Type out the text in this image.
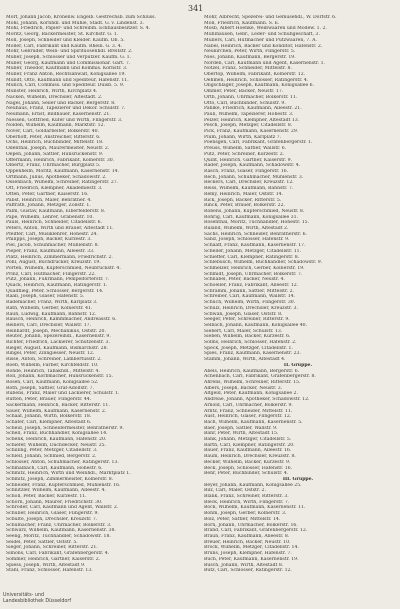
341
Morf, Johann Jacob, Kronenw. Engelb. Gestrechsb. zum Schlüss.
Mohl, Johann, Kornhdl. und Mühle, Stadt. G. v. Lindenst. 3.
Mohl, Friedrich, Papier- und Schreibm. Eckhausbesitzer. S. 4.
Moritz, Georg, Bäckermeister, St. Kirchstr. G. 1.
Moll, Joseph, Schneider und Kleider. Kaufm. Ob. 5.
Möller, Carl, Fabrikant und Kaufm. Rhein. G. 3. 4.
Mohr, Gebrüder, Wein- und Spirituosenhdl. Breitstr. 2.
Müller, Joseph, Schlosser und Verputzer. Kaufm. G. 1.
Müller, Georg, Kaufmann und Commissionär. Gart. 7.
Müller, Theodor, Kaufmann und Kommis. Kornstr. 3.
Müller, Franz Anton, Rechtsanwalt, Königsallee 19.
Mundt, Otto, Kaufmann und Spediteur, Hafenstr. 11.
Münch, Carl, Commiss. und Spediteur. Duisb. 5. 9.
Münster, Heinrich, Wirth, Kirchplatz 4.
Nacken, Wilhelm, Drechsler, Altestadt. 2.
Nagel, Johann, Seiler und Bäcker, Bergerstr. 8.
Neuhaus, Franz, Tapezierer und Dekor. Schulstr. 7.
Neumann, Ernst, Bildhauer, Kasernenstr. 21.
Niessen, Gottfried, Küfer und Wirth, Flingerstr. 3.
Nolden, Wilhelm, Kaufmann, Marktstr. 12.
Nover, Carl, Goldarbeiter, Bolkerstr. 40.
Oberhoff, Peter, Anstreicher, Ritterstr. 6.
Ochs, Heinrich, Buchbinder, Mittelstr. 18.
Odenthal, Joseph, Maurermeister, Neustr. 2.
Oepen, Johann, Sattler, Hunsrückenstr. 9.
Offermann, Heinrich, Fabrikant, Kölnerstr. 30.
Olbertz, Franz, Uhrmacher, Burgplatz 5.
Oppenheim, Moritz, Kaufmann, Kasernenstr. 14.
Ortmann, Julius, Apotheker, Schadowstr. 2.
Ossenbach, Wilhelm, Schreiner, Ratingerstr. 27.
Ott, Friedrich, Klempner, Akademiestr. 3.
Otten, Peter, Gärtner, Kaiserstr. 16.
Pabst, Heinrich, Maler, Benrather. 4.
Paffrath, Johann, Metzger, Zollstr. 1.
Palm, Gustav, Kaufmann, Elberfelderstr. 8.
Pape, Wilhelm, Lehrer, Grabenstr. 10.
Pauls, Heinrich, Schneider, Citadellstr. 6.
Peters, Anton, Wirth und Brauer, Altestadt 11.
Pfeiffer, Carl, Musiklehrer, Hohestr. 24.
Philipps, Joseph, Bäcker, Kurzestr. 3.
Piel, Jacob, Schuhmacher, Mühlenstr. 8.
Pieper, Franz, Kaufmann, Alleestr. 33.
Platz, Heinrich, Zimmermann, Friedrichstr. 2.
Pohl, August, Buchdrucker, Kreuzstr. 19.
Porten, Wilhelm, Kupferschmied, Neubrückstr. 4.
Prinz, Carl, Hutmacher, Flingerstr. 22.
Pütz, Johann, Fuhrmann, Pempelforterstr. 7.
Quack, Heinrich, Kaufmann, Ratingerstr. 1.
Quadflieg, Peter, Schlosser, Bergerstr. 14.
Raab, Joseph, Glaser, Hafenstr. 5.
Rademacher, Franz, Wirth, Karlplatz 3.
Rath, Wilhelm, Gerber, Kölnerstr. 41.
Rauh, Ludwig, Kaufmann, Bahnstr. 12.
Rausch, Heinrich, Kammmacher, Andreasstr. 6.
Reiners, Carl, Drechsler, Wallstr. 17.
Reinhardt, Joseph, Mechanikus, Oststr. 20.
Reuter, Johann, Spezereihdl., Kasernenstr. 9.
Richter, Friedrich, Lackierer, Schützenstr. 3.
Rieger, August, Kaufmann, Bismarckstr. 28.
Ringel, Peter, Zinngiesser, Neustr. 12.
Risse, Anton, Schreiner, Lambertusstr. 2.
Roeb, Wilhelm, Färber, Kirchfeldstr. 10.
Rohde, Heinrich, Tabakhdl., Mittelstr. 4.
Roll, Johann, Korbmacher, Hunsrückenstr. 15.
Rosen, Carl, Kaufmann, Königsallee 52.
Roth, Joseph, Sattler, Graf-Adolfstr. 7.
Rubens, Franz, Maler und Lackierer, Schulstr. 1.
Rütten, Peter, Brauer, Flingerstr. 44.
Sackermann, Heinrich, Bäcker, Ritterstr. 11.
Sauer, Wilhelm, Kaufmann, Kasernenstr. 2.
Schaaf, Johann, Wirth, Bolkerstr. 18.
Schäfer, Carl, Klempner, Altestadt 6.
Scheid, Joseph, Schneidermeister, Benratherstr. 9.
Schell, Franz, Buchhändler, Königsallee 14.
Schenk, Heinrich, Kaufmann, Hafenstr. 20.
Schiefer, Wilhelm, Dachdecker, Neustr. 25.
Schilling, Peter, Metzger, Citadellstr. 3.
Schleif, Johann, Schmied, Bergerstr. 2.
Schlösser, Anton, Schuhmacher, Ratingerstr. 13.
Schmalbach, Carl, Kaufmann, Hohestr. 6.
Schmitz, Heinrich, Wirth und Weinhdl., Marktplatz 1.
Schmitz, Joseph, Zimmermeister, Kölnerstr. 8.
Schneider, Franz, Kupferschmied, Mühlenstr. 16.
Schnitzler, Wilhelm, Kaufmann, Alleestr. 4.
Scholl, Peter, Bäcker, Kurzestr. 11.
Schorn, Johann, Maurer, Friedrichstr. 30.
Schröder, Carl, Kaufmann und Agent, Wallstr. 2.
Schüller, Heinrich, Glaser, Flingerstr. 9.
Schulte, Joseph, Drechsler, Kreuzstr. 7.
Schumacher, Franz, Uhrmacher, Bolkerstr. 3.
Schwarz, Wilhelm, Kaufmann, Kasernenstr. 38.
Seelig, Moritz, Tuchhändler, Schadowstr. 18.
Seidel, Peter, Sattler, Oststr. 5.
Sieger, Johann, Schreiner, Ritterstr. 21.
Simons, Carl, Fabrikant, Grafenbergerstr. 4.
Sommer, Heinrich, Gärtner, Kaiserstr. 2.
Spiess, Joseph, Wirth, Altestadt 9.
Stahl, Franz, Schlosser, Hafenstr. 13.
Mohr, Albrecht, Spezerei- und Gemüsehdl., W. Dorfstr. 6.
Moll, Friedrich, Kaufmann. S. E.
Mosb, Albert Hoenke, Weißwaaren und Modew. 1. 2.
Mühlhausen, Gebr., Leder- und Schuhgeschäft, 3.
Müllers, Carl, Hutmacher und Putzwaaren, 7. A.
Nabel, Heinrich, Bäcker und Konditor, Hafenstr. 2.
Neukirchen, Peter, Wirth, Flingerstr. 5.
Nies, Johann, Kaufmann, Bergerstr. 19.
Norden, Carl, Kaufmann und Agent, Kasernenstr. 1.
Nötzel, Franz, Schneider, Mittelstr. 8.
Obertop, Wilhelm, Fabrikant, Kölnerstr. 12.
Oehmen, Heinrich, Schlosser, Ratingerstr. 4.
Oligschläger, Joseph, Kaufmann, Königsallee 6.
Ommer, Peter, Bäcker, Neustr. 17.
Orth, Johann, Uhrmacher, Bolkerstr. 11.
Otto, Carl, Buchbinder, Schulstr. 9.
Pahlke, Friedrich, Kaufmann, Alleestr. 21.
Pauli, Wilhelm, Tapezierer, Hohestr. 3.
Pelzer, Heinrich, Klempner, Altestadt 13.
Pesch, Joseph, Metzger, Citadellstr. 8.
Pick, Franz, Kaufmann, Kasernenstr. 29.
Plum, Johann, Wirth, Karlplatz 7.
Poensgen, Carl, Fabrikant, Grafenbergerstr. 1.
Preuss, Wilhelm, Sattler, Wallstr. 6.
Pütz, Peter, Schreiner, Kurzestr. 2.
Quint, Heinrich, Gärtner, Kaiserstr. 9.
Rader, Joseph, Kaufmann, Schadowstr. 4.
Rasch, Franz, Glaser, Flingerstr. 16.
Rech, Johann, Schuhmacher, Mühlenstr. 3.
Reckers, Carl, Drechsler, Kreuzstr. 12.
Reiss, Wilhelm, Kaufmann, Bahnstr. 7.
Remy, Heinrich, Maler, Oststr. 14.
Rick, Joseph, Bäcker, Ritterstr. 5.
Rinck, Peter, Brauer, Bolkerstr. 22.
Robens, Johann, Kupferschmied, Neustr. 8.
Röhrig, Carl, Kaufmann, Königsallee 31.
Rosenthal, Moritz, Tuchhändler, Hohestr. 15.
Ruland, Wilhelm, Wirth, Altestadt 2.
Sachs, Heinrich, Schneider, Benratherstr. 6.
Sand, Joseph, Schlosser, Hafenstr. 9.
Schaaff, Franz, Kaufmann, Kasernenstr. 17.
Scheller, Johann, Metzger, Citadellstr. 11.
Schieffer, Carl, Klempner, Ratingerstr. 8.
Schlebusch, Wilhelm, Buchhändler, Schadowstr. 9.
Schmelzer, Heinrich, Gerber, Kölnerstr. 19.
Schmidt, Joseph, Uhrmacher, Bolkerstr. 7.
Schnabel, Peter, Bäcker, Neustr. 4.
Schoeller, Franz, Fabrikant, Alleestr. 12.
Schramm, Johann, Sattler, Mittelstr. 2.
Schreiber, Carl, Kaufmann, Wallstr. 14.
Schuch, Wilhelm, Wirth, Flingerstr. 30.
Schulz, Heinrich, Drechsler, Kreuzstr. 3.
Schwan, Joseph, Glaser, Oststr. 8.
Seeger, Peter, Schreiner, Ritterstr. 9.
Selbach, Johann, Kaufmann, Königsallee 40.
Siebert, Carl, Maler, Schulstr. 13.
Sieben, Wilhelm, Bäcker, Kurzestr. 6.
Solms, Heinrich, Schlosser, Hafenstr. 2.
Speck, Joseph, Metzger, Citadellstr. 1.
Spies, Franz, Kaufmann, Kasernenstr. 23.
Stamm, Johann, Wirth, Altestadt 4.
II. Gruppe.
Abels, Heinrich, Kaufmann, Bergerstr. 6.
Achenbach, Carl, Fabrikant, Grafenbergerstr. 8.
Ahrens, Wilhelm, Schreiner, Ritterstr. 15.
Albers, Joseph, Bäcker, Neustr. 3.
Altgeld, Peter, Kaufmann, Königsallee 2.
Andreae, Johann, Apotheker, Schadowstr. 12.
Arnold, Carl, Uhrmacher, Bolkerstr. 9.
Arntz, Franz, Schneider, Mittelstr. 11.
Aust, Heinrich, Glaser, Flingerstr. 12.
Bach, Wilhelm, Kaufmann, Kasernenstr. 5.
Baer, Joseph, Sattler, Wallstr. 9.
Bahr, Peter, Wirth, Altestadt 15.
Bank, Johann, Metzger, Citadellstr. 5.
Barth, Carl, Klempner, Ratingerstr. 20.
Bauer, Franz, Kaufmann, Alleestr. 16.
Baum, Heinrich, Drechsler, Kreuzstr. 8.
Becker, Wilhelm, Bäcker, Kurzestr. 9.
Beck, Joseph, Schlosser, Hafenstr. 16.
Behr, Peter, Buchbinder, Schulstr. 4.
III. Gruppe.
Beyer, Johann, Kaufmann, Königsallee 25.
Bilz, Carl, Maler, Oststr. 2.
Blank, Franz, Schreiner, Ritterstr. 3.
Bleck, Heinrich, Wirth, Flingerstr. 7.
Bock, Wilhelm, Kaufmann, Kasernenstr. 11.
Böhm, Joseph, Gerber, Kölnerstr. 3.
Bolz, Peter, Sattler, Mittelstr. 14.
Born, Johann, Uhrmacher, Bolkerstr. 16.
Brand, Carl, Fabrikant, Grafenbergerstr. 12.
Braun, Franz, Kaufmann, Alleestr. 8.
Breuer, Heinrich, Bäcker, Neustr. 10.
Brock, Wilhelm, Metzger, Citadellstr. 14.
Bruns, Joseph, Klempner, Hafenstr. 7.
Buch, Peter, Kaufmann, Kasernenstr. 19.
Busch, Johann, Wirth, Altestadt 8.
Butz, Carl, Schlosser, Ratingerstr. 12.
Universitäts- und
Landesbibliothek Düsseldorf
